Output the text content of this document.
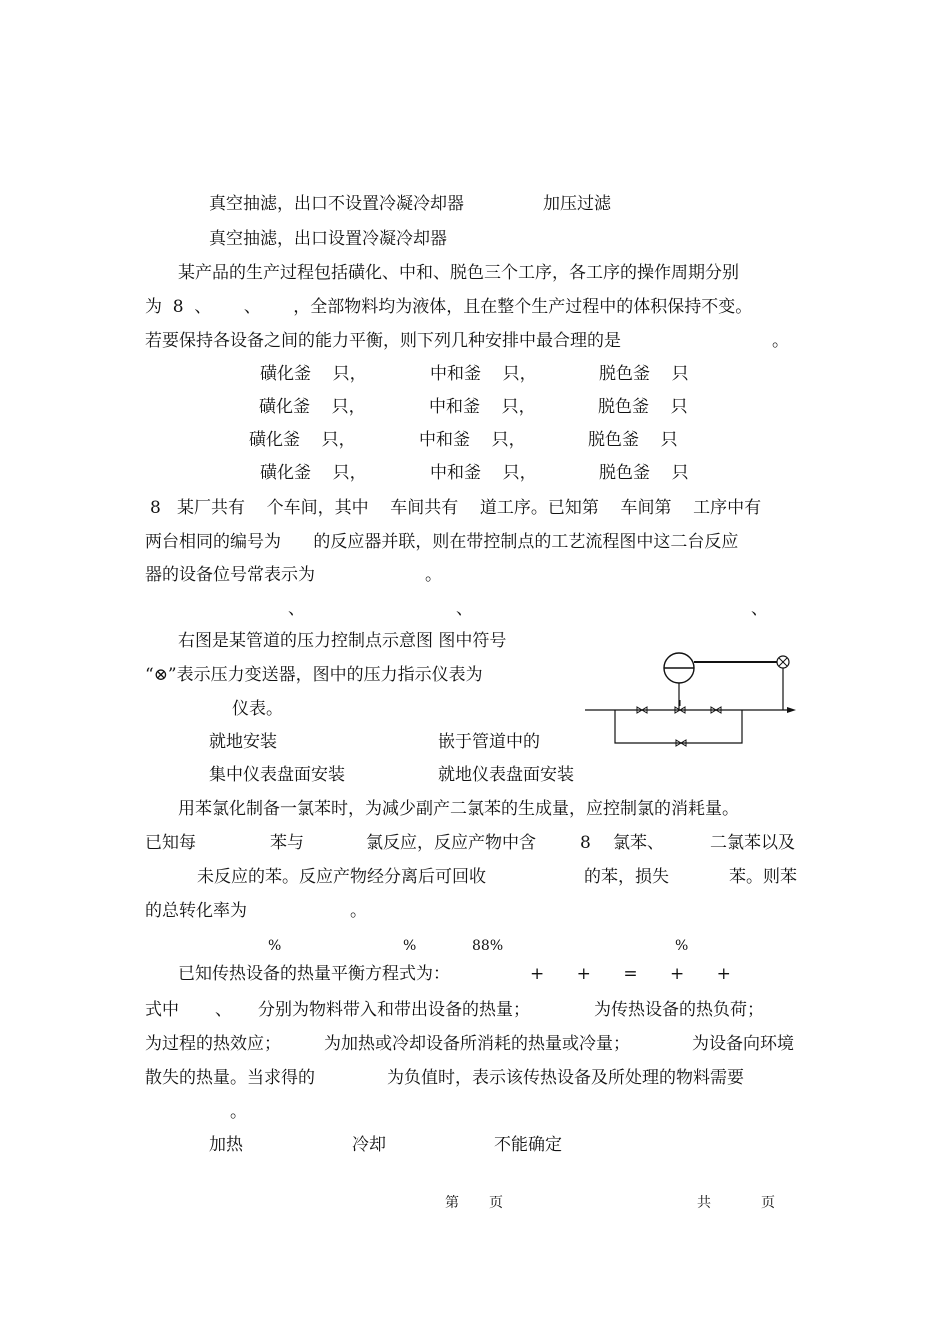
真空抽滤，出口不设置冷凝冷却器	加压过滤
真空抽滤，出口设置冷凝冷却器
某产品的生产过程包括磺化、中和、脱色三个工序，各工序的操作周期分别
为  8  、      、      ，全部物料均为液体，且在整个生产过程中的体积保持不变。
若要保持各设备之间的能力平衡，则下列几种安排中最合理的是	。
磺化釜    只，	中和釜    只，	脱色釜    只
磺化釜    只，	中和釜    只，	脱色釜    只
磺化釜    只，	中和釜    只，	脱色釜    只
磺化釜    只，	中和釜    只，	脱色釜    只
8   某厂共有    个车间，其中    车间共有    道工序。已知第    车间第    工序中有
两台相同的编号为      的反应器并联，则在带控制点的工艺流程图中这二台反应
器的设备位号常表示为	。
、	、	、
右图是某管道的压力控制点示意图 图中符号
“⊗”表示压力变送器，图中的压力指示仪表为
仪表。
就地安装	嵌于管道中的
集中仪表盘面安装	就地仪表盘面安装
用苯氯化制备一氯苯时，为减少副产二氯苯的生成量，应控制氯的消耗量。
已知每	苯与	氯反应，反应产物中含	8 氯苯、	二氯苯以及
未反应的苯。反应产物经分离后可回收	的苯，损失	苯。则苯
的总转化率为	。
%	%	88%	%
已知传热设备的热量平衡方程式为：	+      +      =      +      +
式中 、 分别为物料带入和带出设备的热量；	为传热设备的热负荷；
为过程的热效应；	为加热或冷却设备所消耗的热量或冷量；	为设备向环境
散失的热量。当求得的	为负值时，表示该传热设备及所处理的物料需要
。
加热	冷却	不能确定
第 页	共	页
